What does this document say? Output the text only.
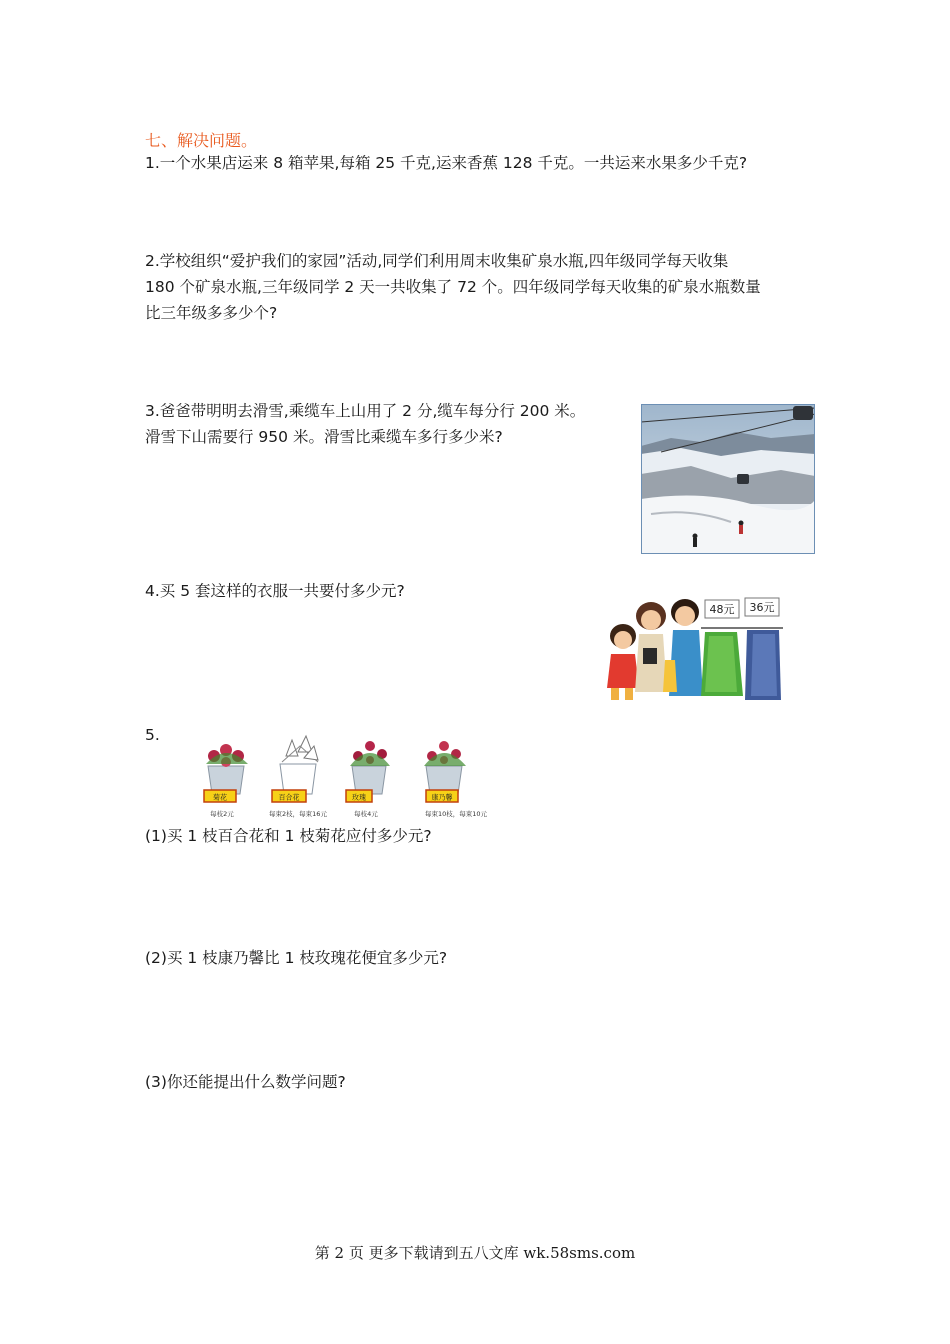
七、解决问题。
1.一个水果店运来 8 箱苹果,每箱 25 千克,运来香蕉 128 千克。一共运来水果多少千克?
2.学校组织“爱护我们的家园”活动,同学们利用周末收集矿泉水瓶,四年级同学每天收集
180 个矿泉水瓶,三年级同学 2 天一共收集了 72 个。四年级同学每天收集的矿泉水瓶数量
比三年级多多少个?
3.爸爸带明明去滑雪,乘缆车上山用了 2 分,缆车每分行 200 米。
滑雪下山需要行 950 米。滑雪比乘缆车多行多少米?
4.买 5 套这样的衣服一共要付多少元?
48元 36元
5.
菊花
每枝2元
百合花
每束2枝，每束16元
玫瑰
每枝4元
康乃馨
每束10枝，每束10元
(1)买 1 枝百合花和 1 枝菊花应付多少元?
(2)买 1 枝康乃馨比 1 枝玫瑰花便宜多少元?
(3)你还能提出什么数学问题?
第 2 页 更多下载请到五八文库 wk.58sms.com
